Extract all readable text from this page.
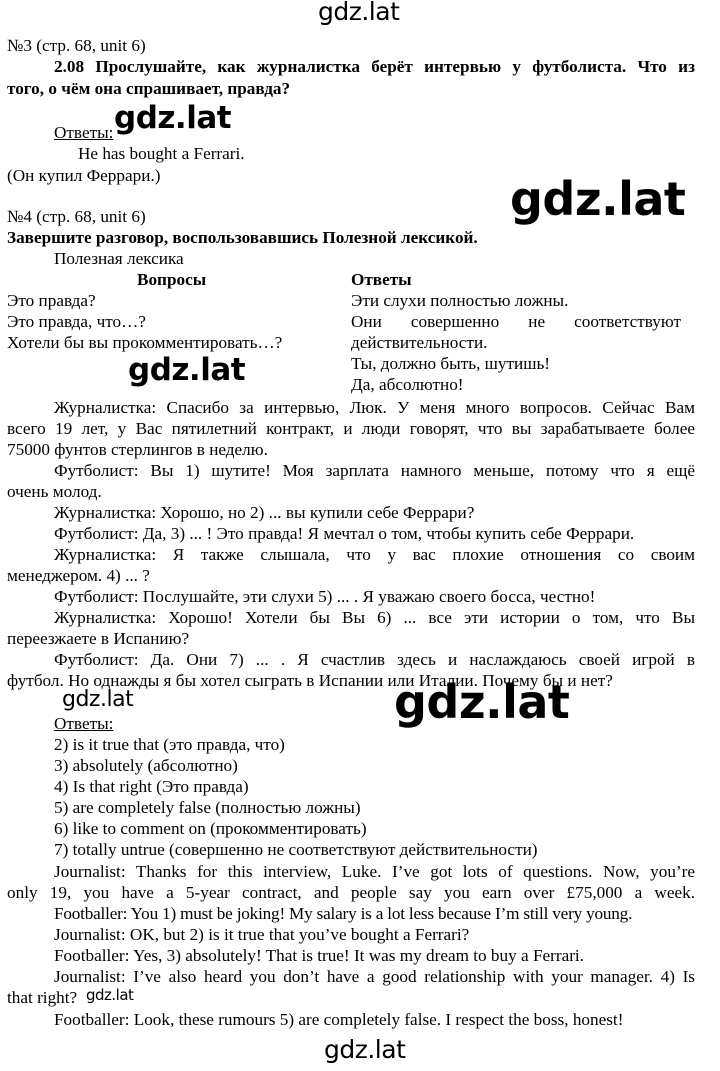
gdz.lat
gdz.lat
gdz.lat
gdz.lat
gdz.lat	gdz.lat
gdz.lat
gdz.lat
№3 (стр. 68, unit 6)
2.08 Прослушайте, как журналистка берёт интервью у футболиста. Что из
того, о чём она спрашивает, правда?
Ответы:
He has bought a Ferrari.
(Он купил Феррари.)
№4 (стр. 68, unit 6)
Завершите разговор, воспользовавшись Полезной лексикой.
Полезная лексика
Вопросы	Ответы
Это правда?
Это правда, что…?
Хотели бы вы прокомментировать…?
Эти слухи полностью ложны.
Они совершенно не соответствуют
действительности.
Ты, должно быть, шутишь!
Да, абсолютно!
Журналистка: Спасибо за интервью, Люк. У меня много вопросов. Сейчас Вам
всего 19 лет, у Вас пятилетний контракт, и люди говорят, что вы зарабатываете более
75000 фунтов стерлингов в неделю.
Футболист: Вы 1) шутите! Моя зарплата намного меньше, потому что я ещё
очень молод.
Журналистка: Хорошо, но 2) ... вы купили себе Феррари?
Футболист: Да, 3) ... ! Это правда! Я мечтал о том, чтобы купить себе Феррари.
Журналистка: Я также слышала, что у вас плохие отношения со своим
менеджером. 4) ... ?
Футболист: Послушайте, эти слухи 5) ... . Я уважаю своего босса, честно!
Журналистка: Хорошо! Хотели бы Вы 6) ... все эти истории о том, что Вы
переезжаете в Испанию?
Футболист: Да. Они 7) ... . Я счастлив здесь и наслаждаюсь своей игрой в
футбол. Но однажды я бы хотел сыграть в Испании или Италии. Почему бы и нет?
Ответы:
2) is it true that (это правда, что)
3) absolutely (абсолютно)
4) Is that right (Это правда)
5) are completely false (полностью ложны)
6) like to comment on (прокомментировать)
7) totally untrue (совершенно не соответствуют действительности)
Journalist: Thanks for this interview, Luke. I’ve got lots of questions. Now, you’re
only 19, you have a 5-year contract, and people say you earn over £75,000 a week.
Footballer: You 1) must be joking! My salary is a lot less because I’m still very young.
Journalist: OK, but 2) is it true that you’ve bought a Ferrari?
Footballer: Yes, 3) absolutely! That is true! It was my dream to buy a Ferrari.
Journalist: I’ve also heard you don’t have a good relationship with your manager. 4) Is
that right?
Footballer: Look, these rumours 5) are completely false. I respect the boss, honest!
